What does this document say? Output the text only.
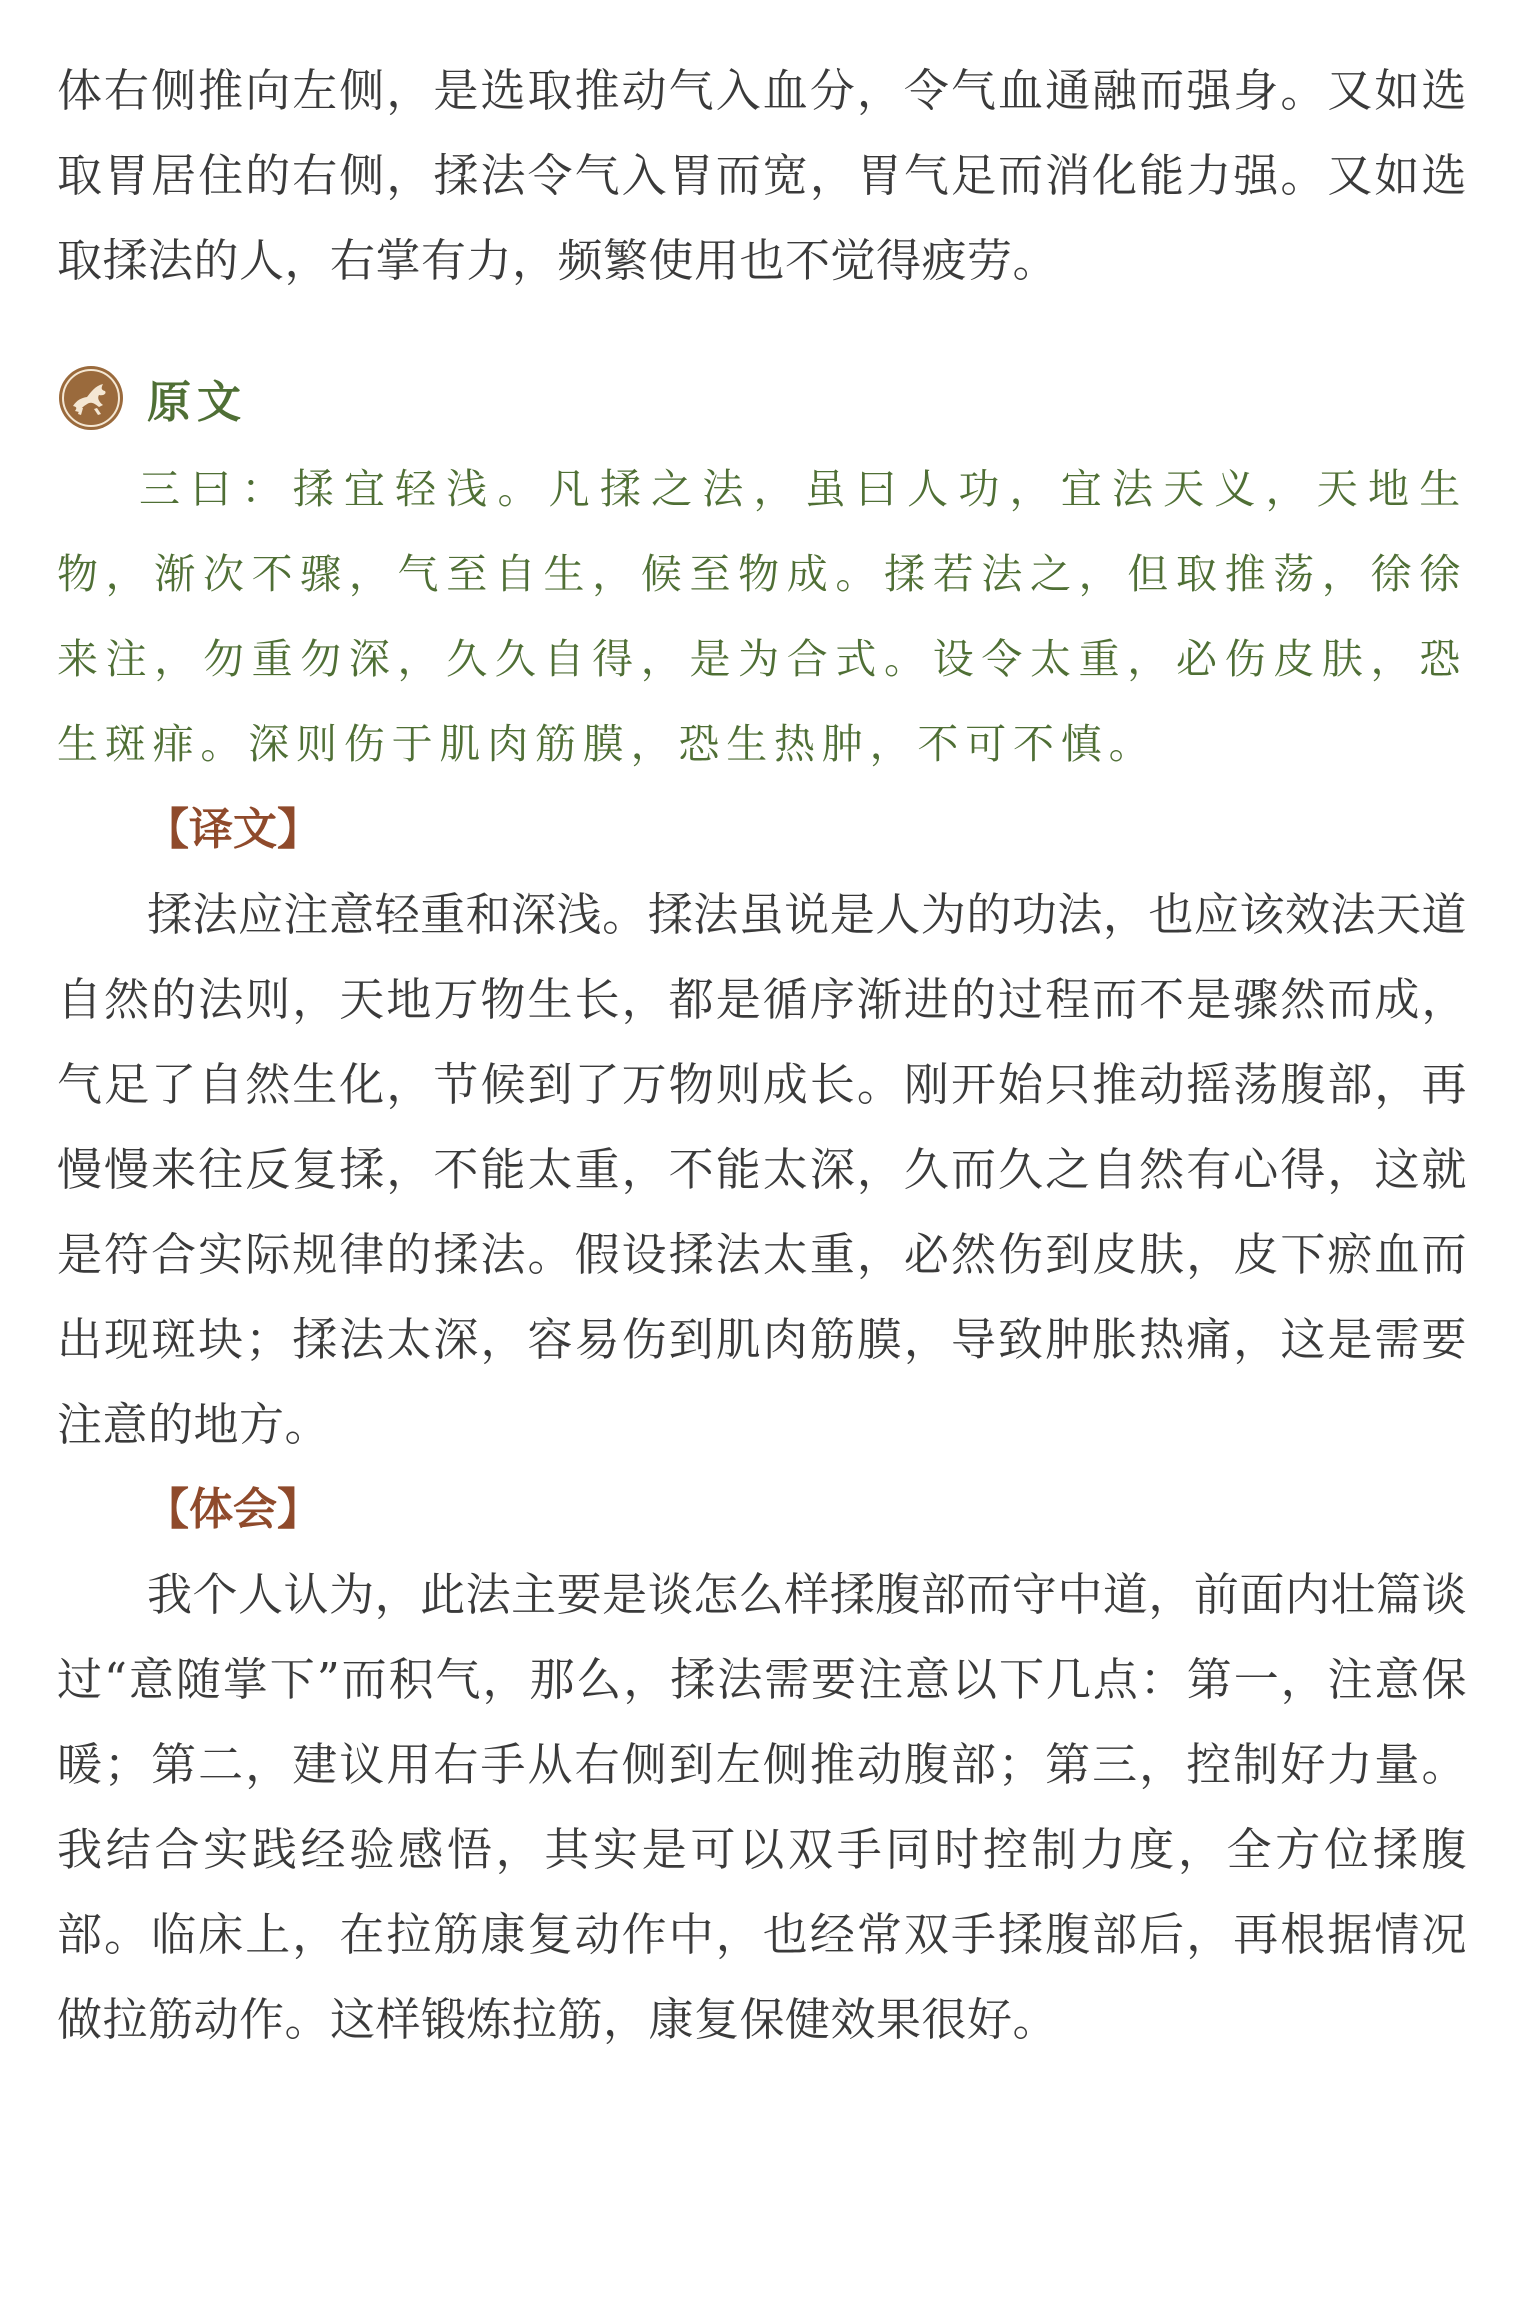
体右侧推向左侧，是选取推动气入血分，令气血通融而强身。又如选取胃居住的右侧，揉法令气入胃而宽，胃气足而消化能力强。又如选取揉法的人，右掌有力，频繁使用也不觉得疲劳。

原文

三曰：揉宜轻浅。凡揉之法，虽曰人功，宜法天义，天地生物，渐次不骤，气至自生，候至物成。揉若法之，但取推荡，徐徐来注，勿重勿深，久久自得，是为合式。设令太重，必伤皮肤，恐生斑痱。深则伤于肌肉筋膜，恐生热肿，不可不慎。

【译文】

揉法应注意轻重和深浅。揉法虽说是人为的功法，也应该效法天道自然的法则，天地万物生长，都是循序渐进的过程而不是骤然而成，气足了自然生化，节候到了万物则成长。刚开始只推动摇荡腹部，再慢慢来往反复揉，不能太重，不能太深，久而久之自然有心得，这就是符合实际规律的揉法。假设揉法太重，必然伤到皮肤，皮下瘀血而出现斑块；揉法太深，容易伤到肌肉筋膜，导致肿胀热痛，这是需要注意的地方。

【体会】

我个人认为，此法主要是谈怎么样揉腹部而守中道，前面内壮篇谈过“意随掌下”而积气，那么，揉法需要注意以下几点：第一，注意保暖；第二，建议用右手从右侧到左侧推动腹部；第三，控制好力量。我结合实践经验感悟，其实是可以双手同时控制力度，全方位揉腹部。临床上，在拉筋康复动作中，也经常双手揉腹部后，再根据情况做拉筋动作。这样锻炼拉筋，康复保健效果很好。
